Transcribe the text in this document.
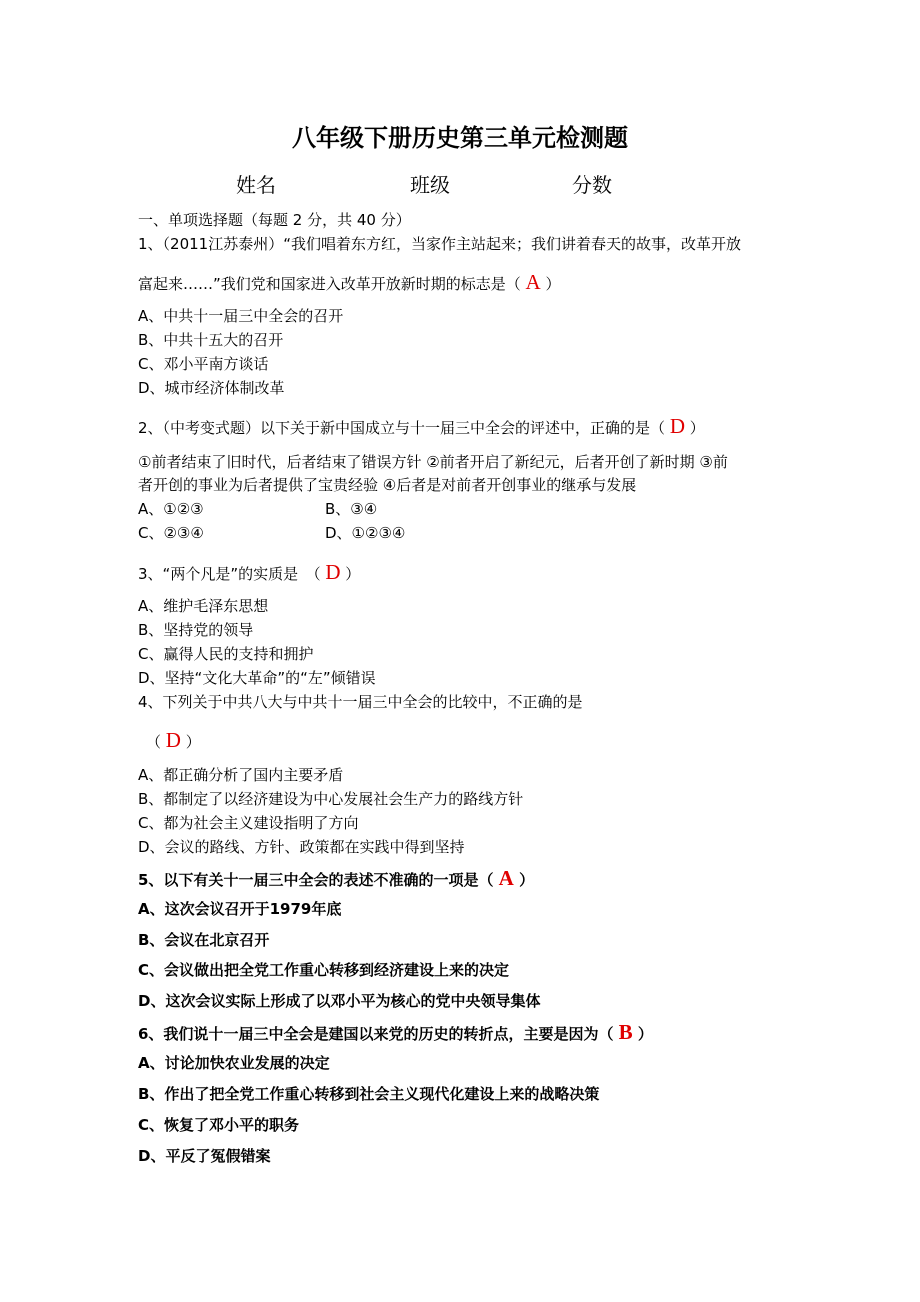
八年级下册历史第三单元检测题
姓名	班级	分数
一、单项选择题（每题 2 分，共 40 分）
1、（2011江苏泰州）“我们唱着东方红，当家作主站起来；我们讲着春天的故事，改革开放
富起来……”我们党和国家进入改革开放新时期的标志是（ A ）
A、中共十一届三中全会的召开
B、中共十五大的召开
C、邓小平南方谈话
D、城市经济体制改革
2、（中考变式题）以下关于新中国成立与十一届三中全会的评述中，正确的是（ D ）
①前者结束了旧时代，后者结束了错误方针 ②前者开启了新纪元，后者开创了新时期 ③前
者开创的事业为后者提供了宝贵经验 ④后者是对前者开创事业的继承与发展
A、①②③	B、③④
C、②③④	D、①②③④
3、“两个凡是”的实质是　（ D ）
A、维护毛泽东思想
B、坚持党的领导
C、赢得人民的支持和拥护
D、坚持“文化大革命”的“左”倾错误
4、下列关于中共八大与中共十一届三中全会的比较中，不正确的是
（ D ）
A、都正确分析了国内主要矛盾
B、都制定了以经济建设为中心发展社会生产力的路线方针
C、都为社会主义建设指明了方向
D、会议的路线、方针、政策都在实践中得到坚持
5、以下有关十一届三中全会的表述不准确的一项是（ A ）
A、这次会议召开于1979年底
B、会议在北京召开
C、会议做出把全党工作重心转移到经济建设上来的决定
D、这次会议实际上形成了以邓小平为核心的党中央领导集体
6、我们说十一届三中全会是建国以来党的历史的转折点，主要是因为（ B ）
A、讨论加快农业发展的决定
B、作出了把全党工作重心转移到社会主义现代化建设上来的战略决策
C、恢复了邓小平的职务
D、平反了冤假错案
